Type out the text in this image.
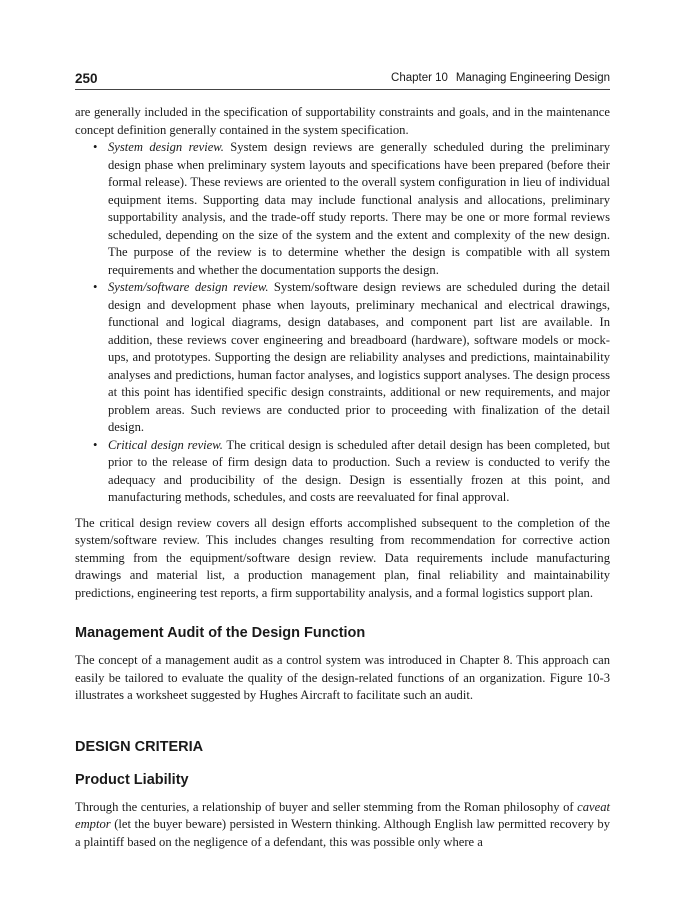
250	Chapter 10 Managing Engineering Design

are generally included in the specification of supportability constraints and goals, and in the maintenance concept definition generally contained in the system specification.

• System design review. System design reviews are generally scheduled during the preliminary design phase when preliminary system layouts and specifications have been prepared (before their formal release). These reviews are oriented to the overall system configuration in lieu of individual equipment items. Supporting data may include functional analysis and allocations, preliminary supportability analysis, and the trade-off study reports. There may be one or more formal reviews scheduled, depending on the size of the system and the extent and complexity of the new design. The purpose of the review is to determine whether the design is compatible with all system requirements and whether the documentation supports the design.
• System/software design review. System/software design reviews are scheduled during the detail design and development phase when layouts, preliminary mechanical and electrical drawings, functional and logical diagrams, design databases, and component part list are available. In addition, these reviews cover engineering and breadboard (hardware), software models or mock-ups, and prototypes. Supporting the design are reliability analyses and predictions, maintainability analyses and predictions, human factor analyses, and logistics support analyses. The design process at this point has identified specific design constraints, additional or new requirements, and major problem areas. Such reviews are conducted prior to proceeding with finalization of the detail design.
• Critical design review. The critical design is scheduled after detail design has been completed, but prior to the release of firm design data to production. Such a review is conducted to verify the adequacy and producibility of the design. Design is essentially frozen at this point, and manufacturing methods, schedules, and costs are reevaluated for final approval.

The critical design review covers all design efforts accomplished subsequent to the completion of the system/software review. This includes changes resulting from recommendation for corrective action stemming from the equipment/software design review. Data requirements include manufacturing drawings and material list, a production management plan, final reliability and maintainability predictions, engineering test reports, a firm supportability analysis, and a formal logistics support plan.

Management Audit of the Design Function

The concept of a management audit as a control system was introduced in Chapter 8. This approach can easily be tailored to evaluate the quality of the design-related functions of an organization. Figure 10-3 illustrates a worksheet suggested by Hughes Aircraft to facilitate such an audit.

DESIGN CRITERIA
Product Liability

Through the centuries, a relationship of buyer and seller stemming from the Roman philosophy of caveat emptor (let the buyer beware) persisted in Western thinking. Although English law permitted recovery by a plaintiff based on the negligence of a defendant, this was possible only where a
